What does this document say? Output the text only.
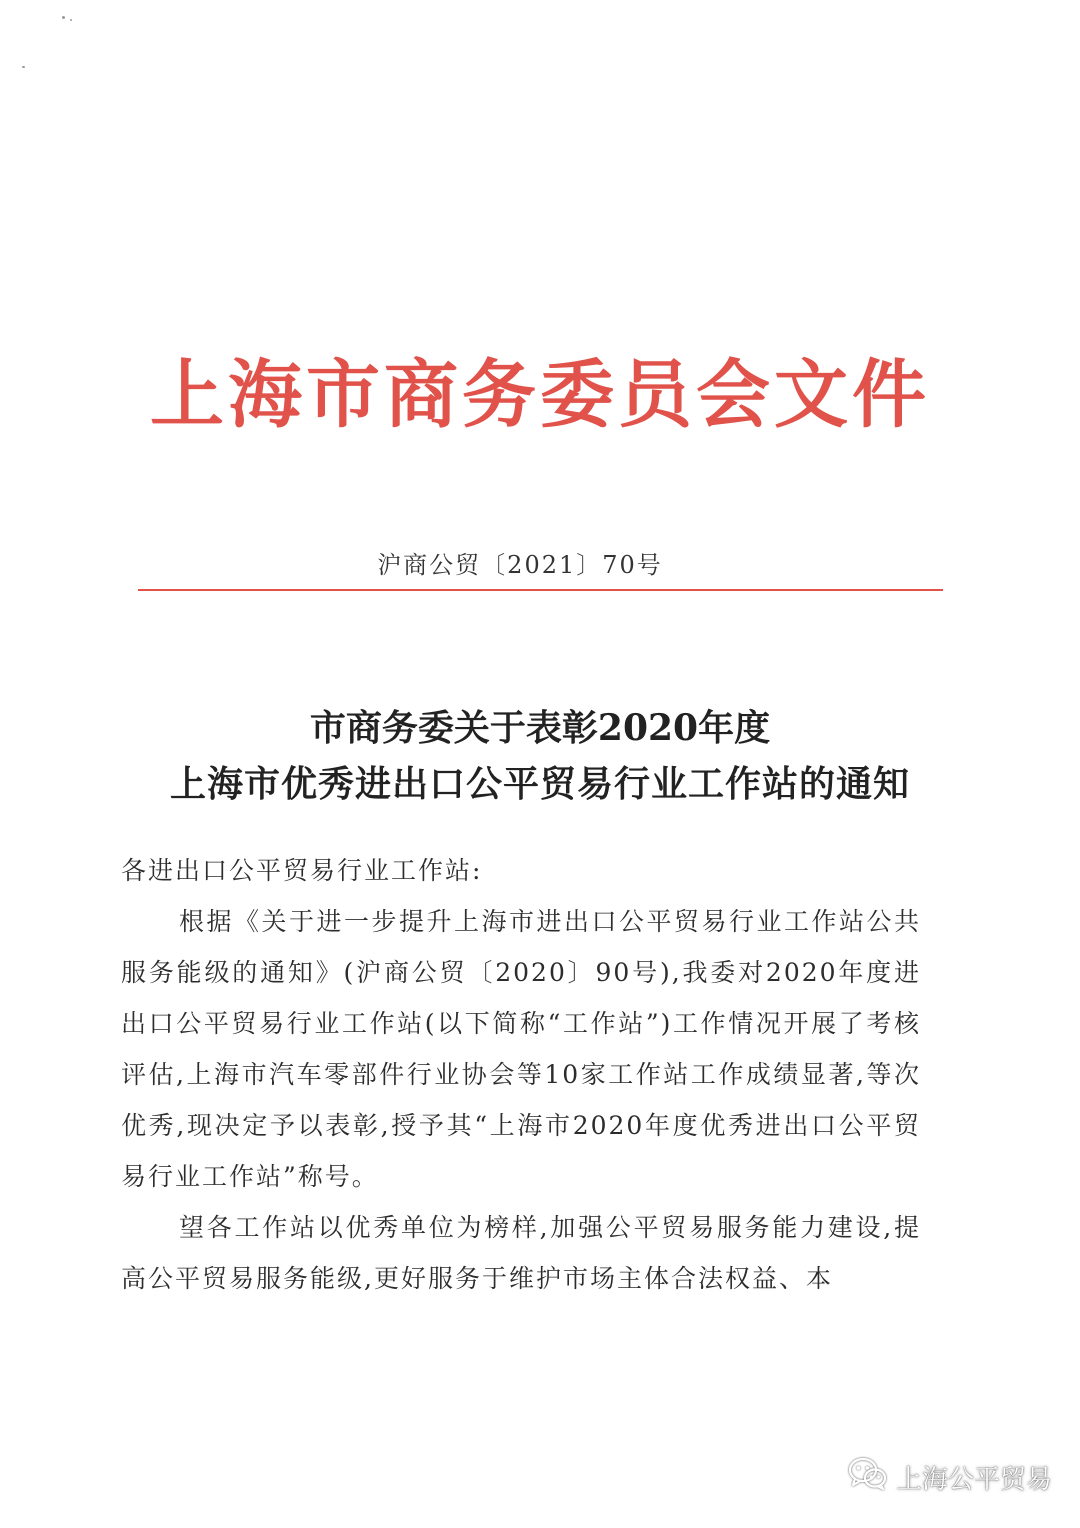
上海市商务委员会文件
沪商公贸〔2021〕70号
市商务委关于表彰2020年度
上海市优秀进出口公平贸易行业工作站的通知

各进出口公平贸易行业工作站:

根据《关于进一步提升上海市进出口公平贸易行业工作站公共服务能级的通知》(沪商公贸〔2020〕90号),我委对2020年度进出口公平贸易行业工作站(以下简称“工作站”)工作情况开展了考核评估,上海市汽车零部件行业协会等10家工作站工作成绩显著,等次优秀,现决定予以表彰,授予其“上海市2020年度优秀进出口公平贸易行业工作站”称号。

望各工作站以优秀单位为榜样,加强公平贸易服务能力建设,提高公平贸易服务能级,更好服务于维护市场主体合法权益、本

上海公平贸易
